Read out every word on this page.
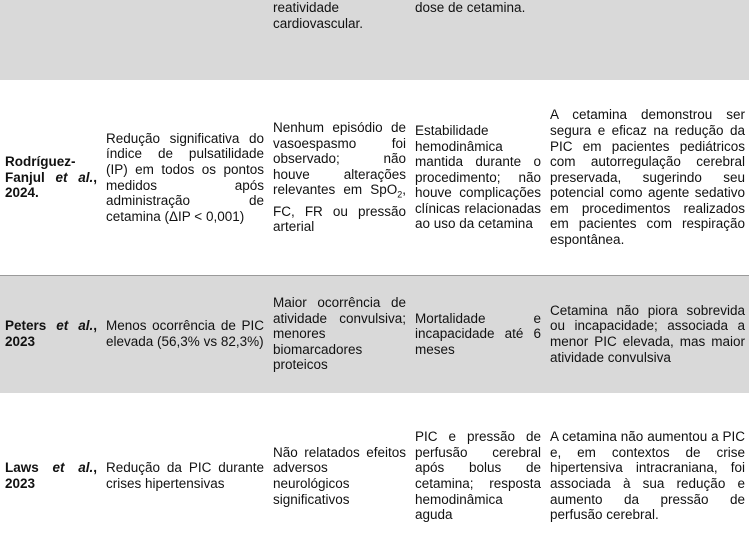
		reatividade cardiovascular.	dose de cetamina.	
Rodríguez-Fanjul et al., 2024.	Redução significativa do índice de pulsatilidade (IP) em todos os pontos medidos após administração de cetamina (ΔIP < 0,001)	Nenhum episódio de vasoespasmo foi observado; não houve alterações relevantes em SpO$_2$, FC, FR ou pressão arterial	Estabilidade hemodinâmica mantida durante o procedimento; não houve complicações clínicas relacionadas ao uso da cetamina	A cetamina demonstrou ser segura e eficaz na redução da PIC em pacientes pediátricos com autorregulação cerebral preservada, sugerindo seu potencial como agente sedativo em procedimentos realizados em pacientes com respiração espontânea.
Peters et al., 2023	Menos ocorrência de PIC elevada (56,3% vs 82,3%)	Maior ocorrência de atividade convulsiva; menores biomarcadores proteicos	Mortalidade e incapacidade até 6 meses	Cetamina não piora sobrevida ou incapacidade; associada a menor PIC elevada, mas maior atividade convulsiva
Laws et al., 2023	Redução da PIC durante crises hipertensivas	Não relatados efeitos adversos neurológicos significativos	PIC e pressão de perfusão cerebral após bolus de cetamina; resposta hemodinâmica aguda	A cetamina não aumentou a PIC e, em contextos de crise hipertensiva intracraniana, foi associada à sua redução e aumento da pressão de perfusão cerebral.
